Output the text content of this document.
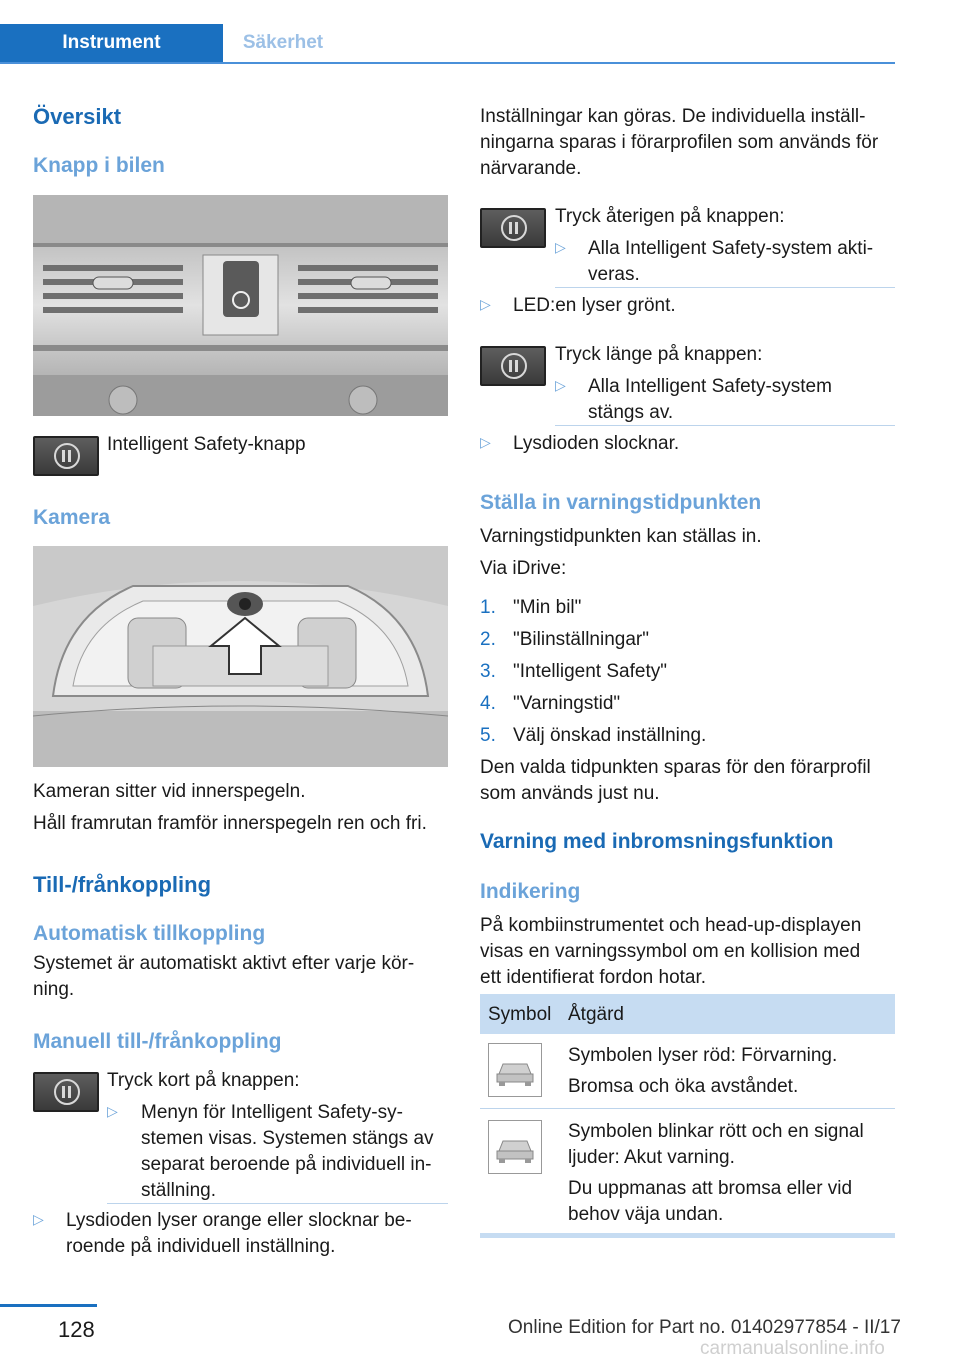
Instrument	Säkerhet
Översikt
Knapp i bilen
Intelligent Safety-knapp
Kamera
Kameran sitter vid innerspegeln.
Håll framrutan framför innerspegeln ren och fri.
Till-/frånkoppling
Automatisk tillkoppling
Systemet är automatiskt aktivt efter varje kör-
ning.
Manuell till-/frånkoppling
Tryck kort på knappen:
▷ Menyn för Intelligent Safety-sy-
stemen visas. Systemen stängs av
separat beroende på individuell in-
ställning.
▷ Lysdioden lyser orange eller slocknar be-
roende på individuell inställning.
Inställningar kan göras. De individuella inställ-
ningarna sparas i förarprofilen som används för
närvarande.
Tryck återigen på knappen:
▷ Alla Intelligent Safety-system akti-
veras.
▷ LED:en lyser grönt.
Tryck länge på knappen:
▷ Alla Intelligent Safety-system
stängs av.
▷ Lysdioden slocknar.
Ställa in varningstidpunkten
Varningstidpunkten kan ställas in.
Via iDrive:
1. "Min bil"
2. "Bilinställningar"
3. "Intelligent Safety"
4. "Varningstid"
5. Välj önskad inställning.
Den valda tidpunkten sparas för den förarprofil
som används just nu.
Varning med inbromsningsfunktion
Indikering
På kombiinstrumentet och head-up-displayen
visas en varningssymbol om en kollision med
ett identifierat fordon hotar.
Symbol Åtgärd
Symbolen lyser röd: Förvarning.
Bromsa och öka avståndet.
Symbolen blinkar rött och en signal
ljuder: Akut varning.
Du uppmanas att bromsa eller vid
behov väja undan.
128	Online Edition for Part no. 01402977854 - II/17
carmanualsonline.info
